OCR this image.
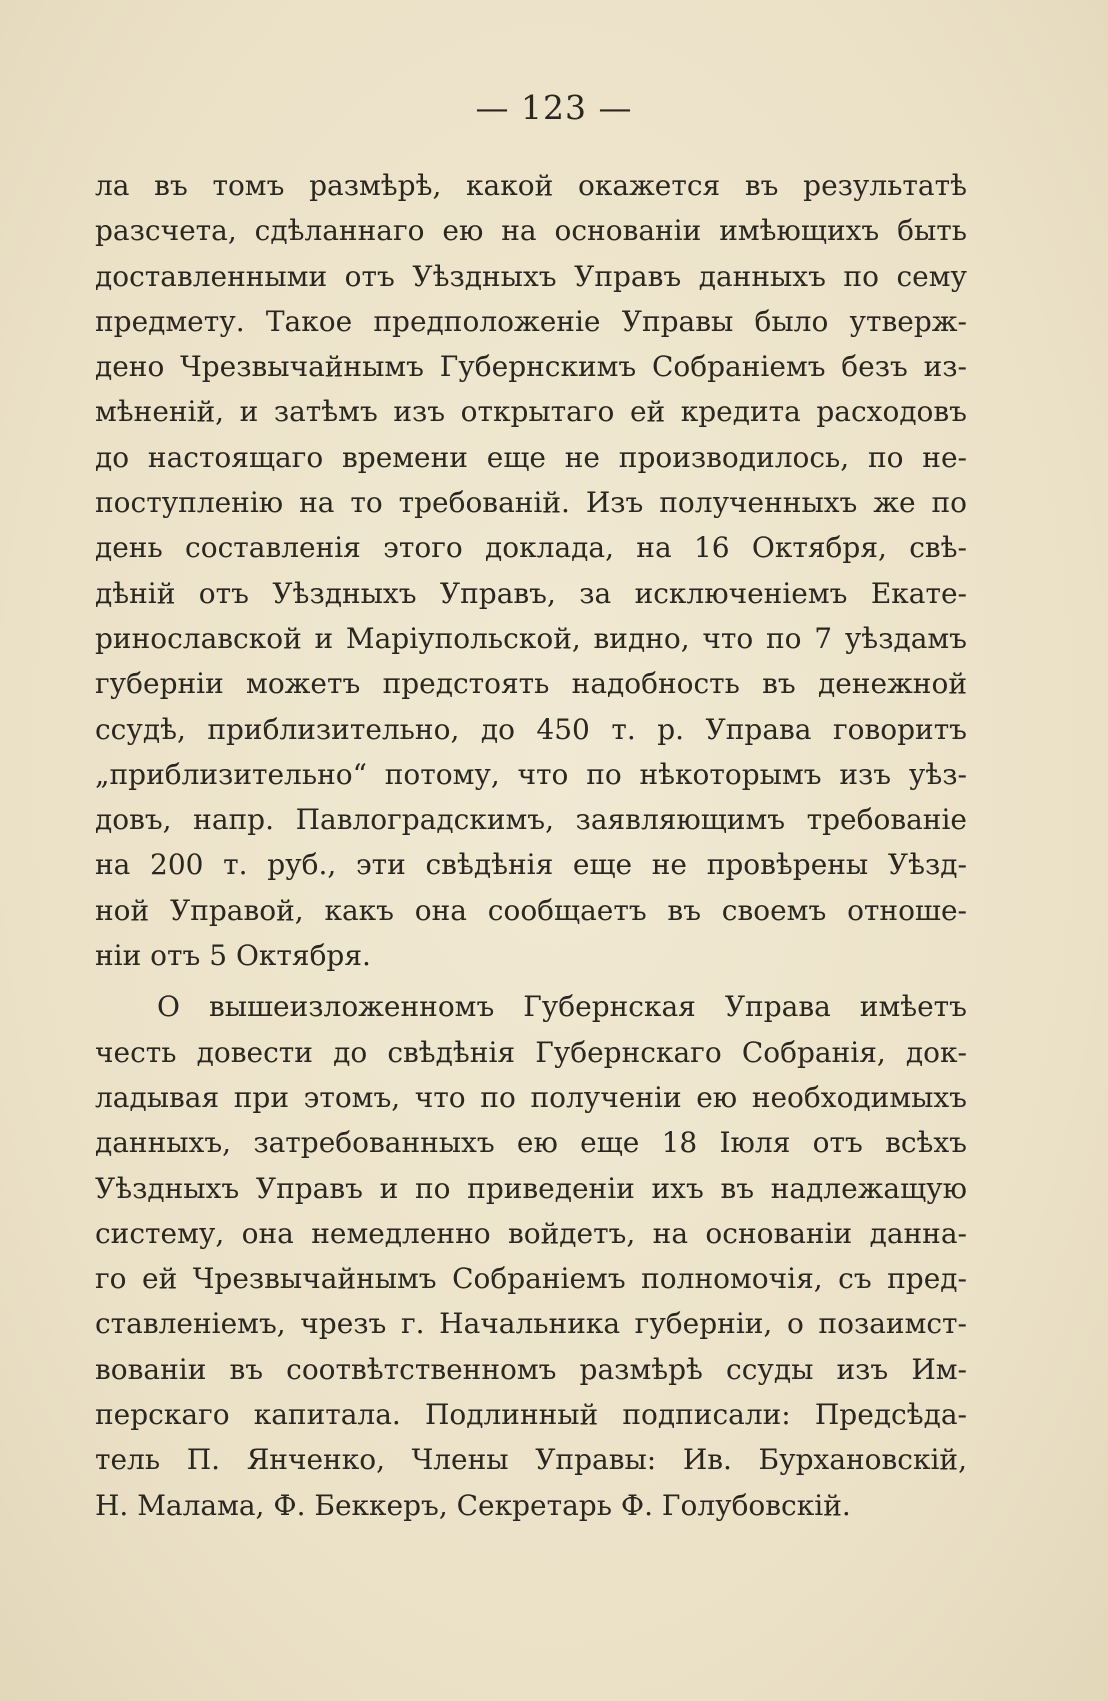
— 123 —
ла въ томъ размѣрѣ, какой окажется въ результатѣ
разсчета, сдѣланнаго ею на основаніи имѣющихъ быть
доставленными отъ Уѣздныхъ Управъ данныхъ по сему
предмету. Такое предположеніе Управы было утверж-
дено Чрезвычайнымъ Губернскимъ Собраніемъ безъ из-
мѣненій, и затѣмъ изъ открытаго ей кредита расходовъ
до настоящаго времени еще не производилось, по не-
поступленію на то требованій. Изъ полученныхъ же по
день составленія этого доклада, на 16 Октября, свѣ-
дѣній отъ Уѣздныхъ Управъ, за исключеніемъ Екате-
ринославской и Маріупольской, видно, что по 7 уѣздамъ
губерніи можетъ предстоять надобность въ денежной
ссудѣ, приблизительно, до 450 т. р. Управа говоритъ
„приблизительно“ потому, что по нѣкоторымъ изъ уѣз-
довъ, напр. Павлоградскимъ, заявляющимъ требованіе
на 200 т. руб., эти свѣдѣнія еще не провѣрены Уѣзд-
ной Управой, какъ она сообщаетъ въ своемъ отноше-
ніи отъ 5 Октября.
О вышеизложенномъ Губернская Управа имѣетъ
честь довести до свѣдѣнія Губернскаго Собранія, док-
ладывая при этомъ, что по полученіи ею необходимыхъ
данныхъ, затребованныхъ ею еще 18 Іюля отъ всѣхъ
Уѣздныхъ Управъ и по приведеніи ихъ въ надлежащую
систему, она немедленно войдетъ, на основаніи данна-
го ей Чрезвычайнымъ Собраніемъ полномочія, съ пред-
ставленіемъ, чрезъ г. Начальника губерніи, о позаимст-
вованіи въ соотвѣтственномъ размѣрѣ ссуды изъ Им-
перскаго капитала. Подлинный подписали: Предсѣда-
тель П. Янченко, Члены Управы: Ив. Бурхановскій,
Н. Малама, Ф. Беккеръ, Секретарь Ф. Голубовскій.
